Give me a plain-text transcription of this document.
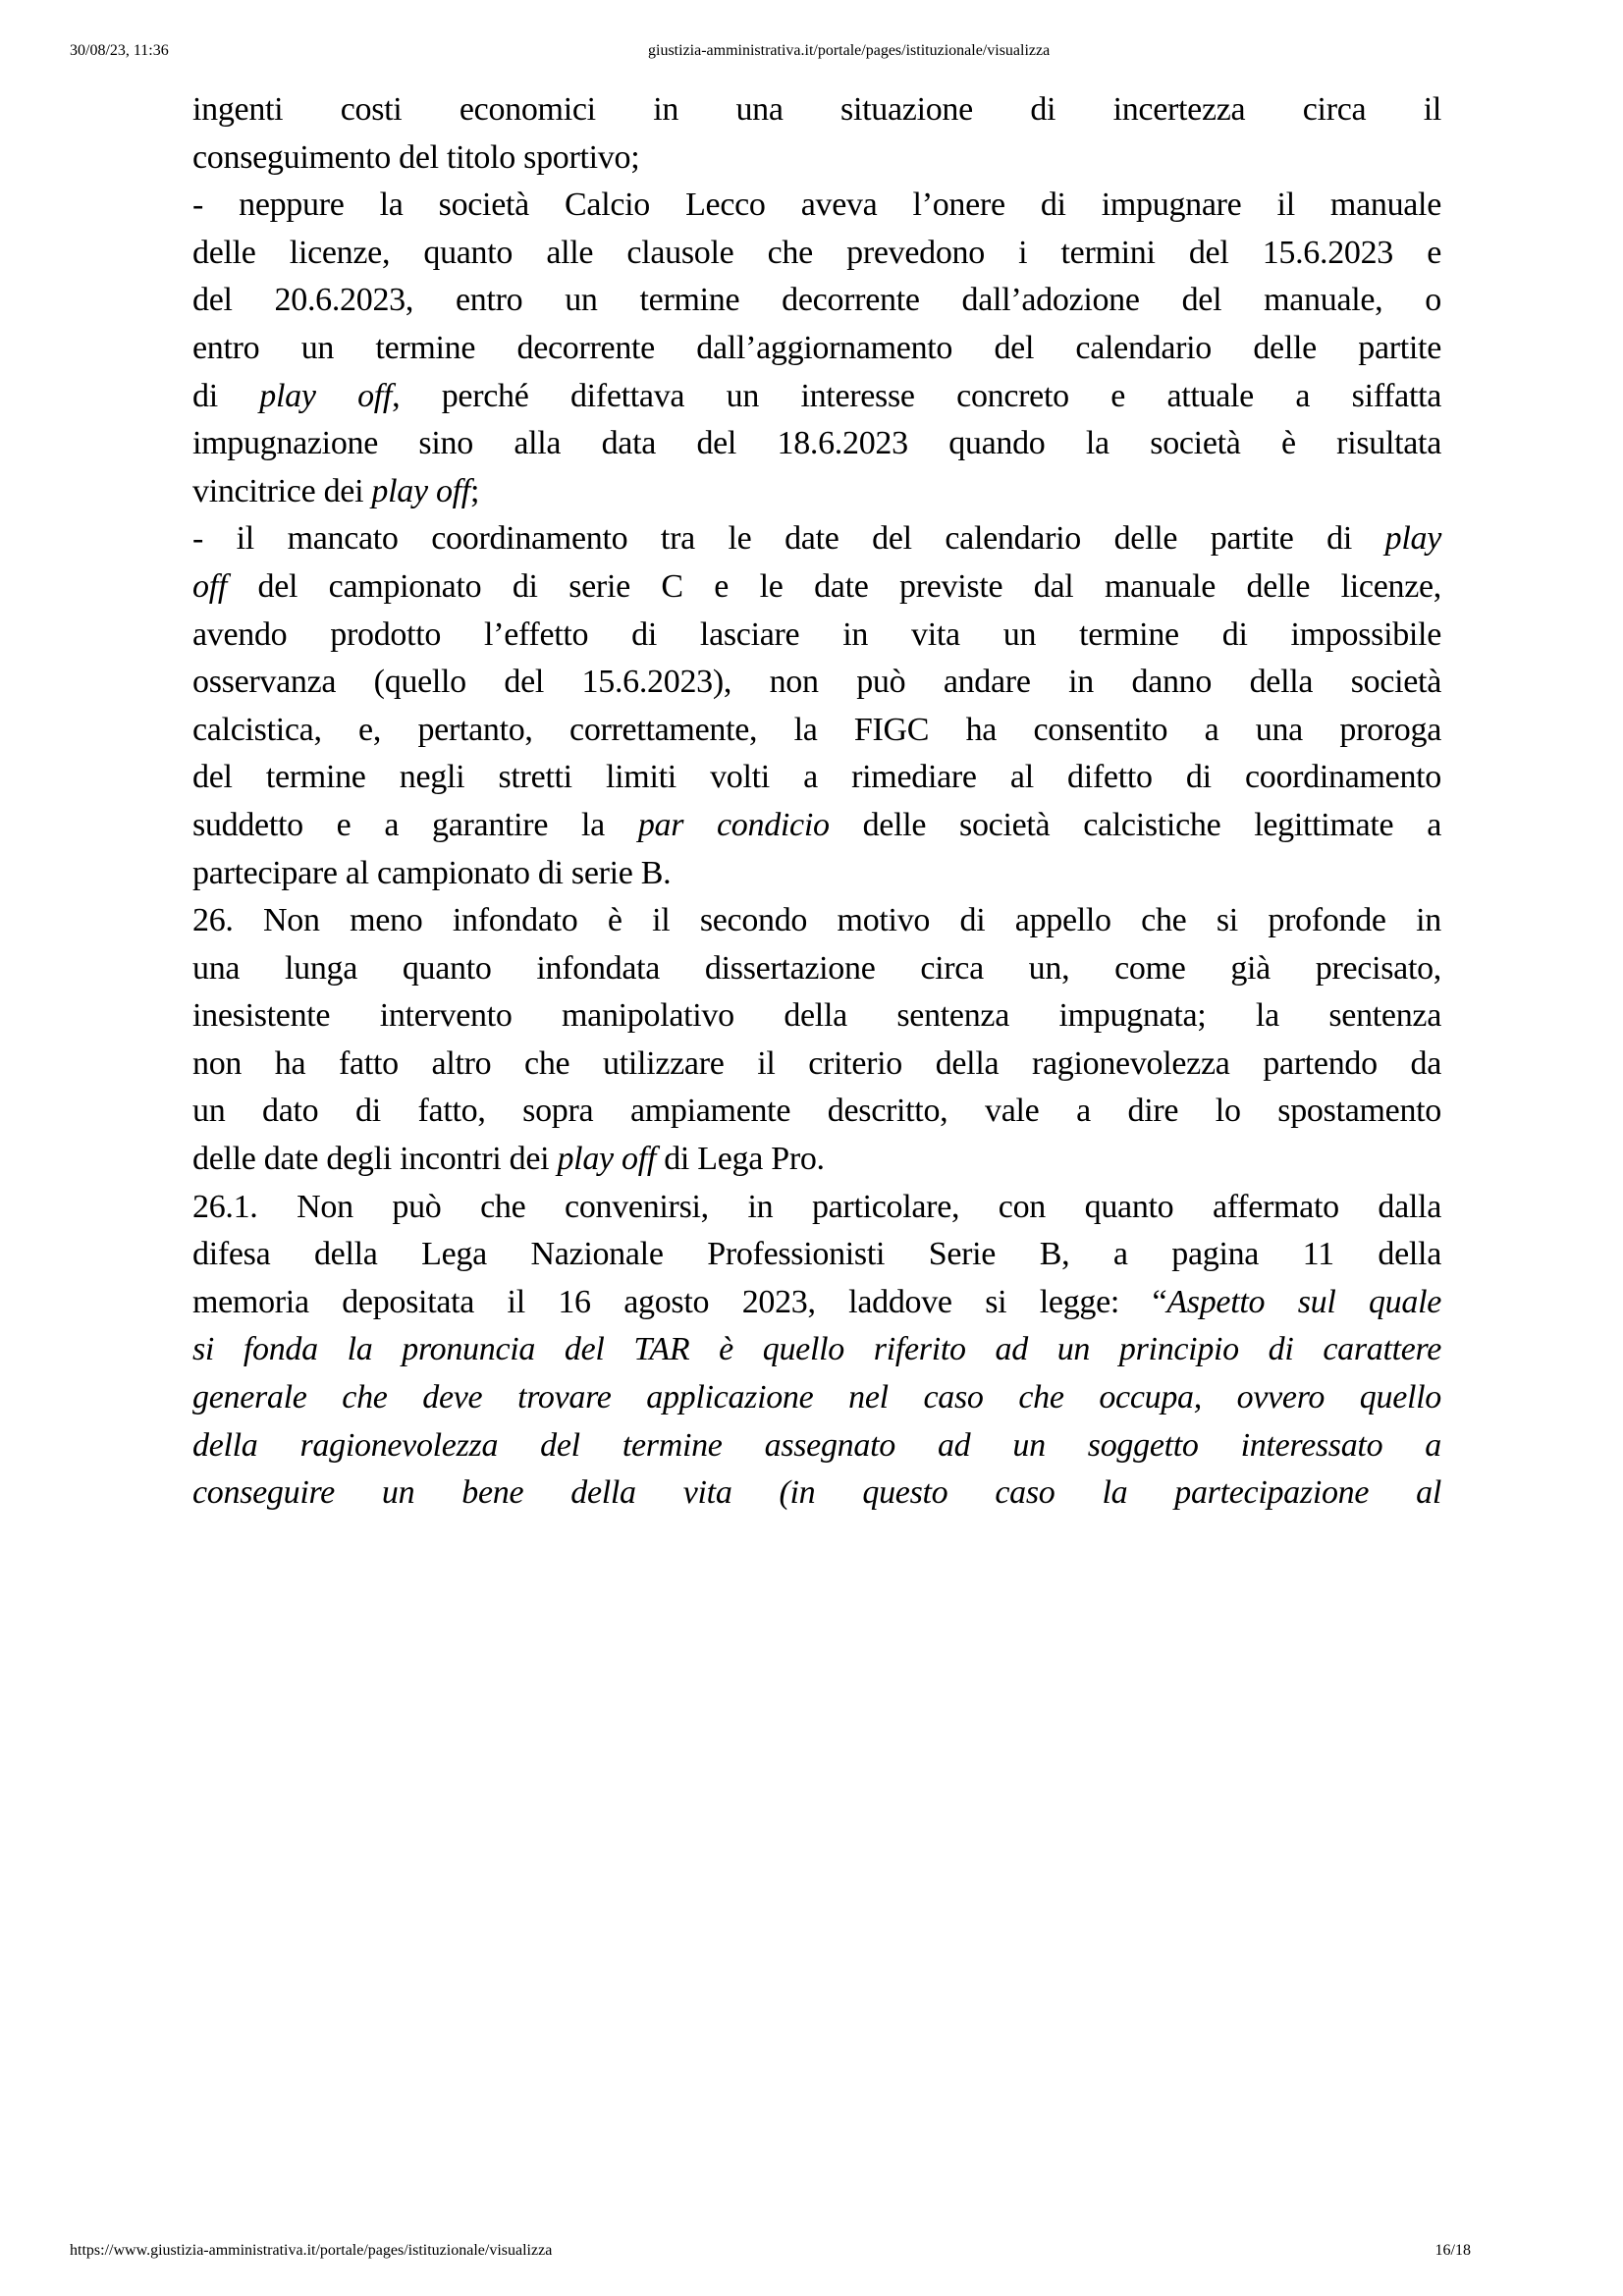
30/08/23, 11:36	giustizia-amministrativa.it/portale/pages/istituzionale/visualizza
ingenti costi economici in una situazione di incertezza circa il
conseguimento del titolo sportivo;
- neppure la società Calcio Lecco aveva l’onere di impugnare il manuale
delle licenze, quanto alle clausole che prevedono i termini del 15.6.2023 e
del 20.6.2023, entro un termine decorrente dall’adozione del manuale, o
entro un termine decorrente dall’aggiornamento del calendario delle partite
di play off, perché difettava un interesse concreto e attuale a siffatta
impugnazione sino alla data del 18.6.2023 quando la società è risultata
vincitrice dei play off;
- il mancato coordinamento tra le date del calendario delle partite di play
off del campionato di serie C e le date previste dal manuale delle licenze,
avendo prodotto l’effetto di lasciare in vita un termine di impossibile
osservanza (quello del 15.6.2023), non può andare in danno della società
calcistica, e, pertanto, correttamente, la FIGC ha consentito a una proroga
del termine negli stretti limiti volti a rimediare al difetto di coordinamento
suddetto e a garantire la par condicio delle società calcistiche legittimate a
partecipare al campionato di serie B.
26. Non meno infondato è il secondo motivo di appello che si profonde in
una lunga quanto infondata dissertazione circa un, come già precisato,
inesistente intervento manipolativo della sentenza impugnata; la sentenza
non ha fatto altro che utilizzare il criterio della ragionevolezza partendo da
un dato di fatto, sopra ampiamente descritto, vale a dire lo spostamento
delle date degli incontri dei play off di Lega Pro.
26.1. Non può che convenirsi, in particolare, con quanto affermato dalla
difesa della Lega Nazionale Professionisti Serie B, a pagina 11 della
memoria depositata il 16 agosto 2023, laddove si legge: “Aspetto sul quale
si fonda la pronuncia del TAR è quello riferito ad un principio di carattere
generale che deve trovare applicazione nel caso che occupa, ovvero quello
della ragionevolezza del termine assegnato ad un soggetto interessato a
conseguire un bene della vita (in questo caso la partecipazione al
https://www.giustizia-amministrativa.it/portale/pages/istituzionale/visualizza	16/18
